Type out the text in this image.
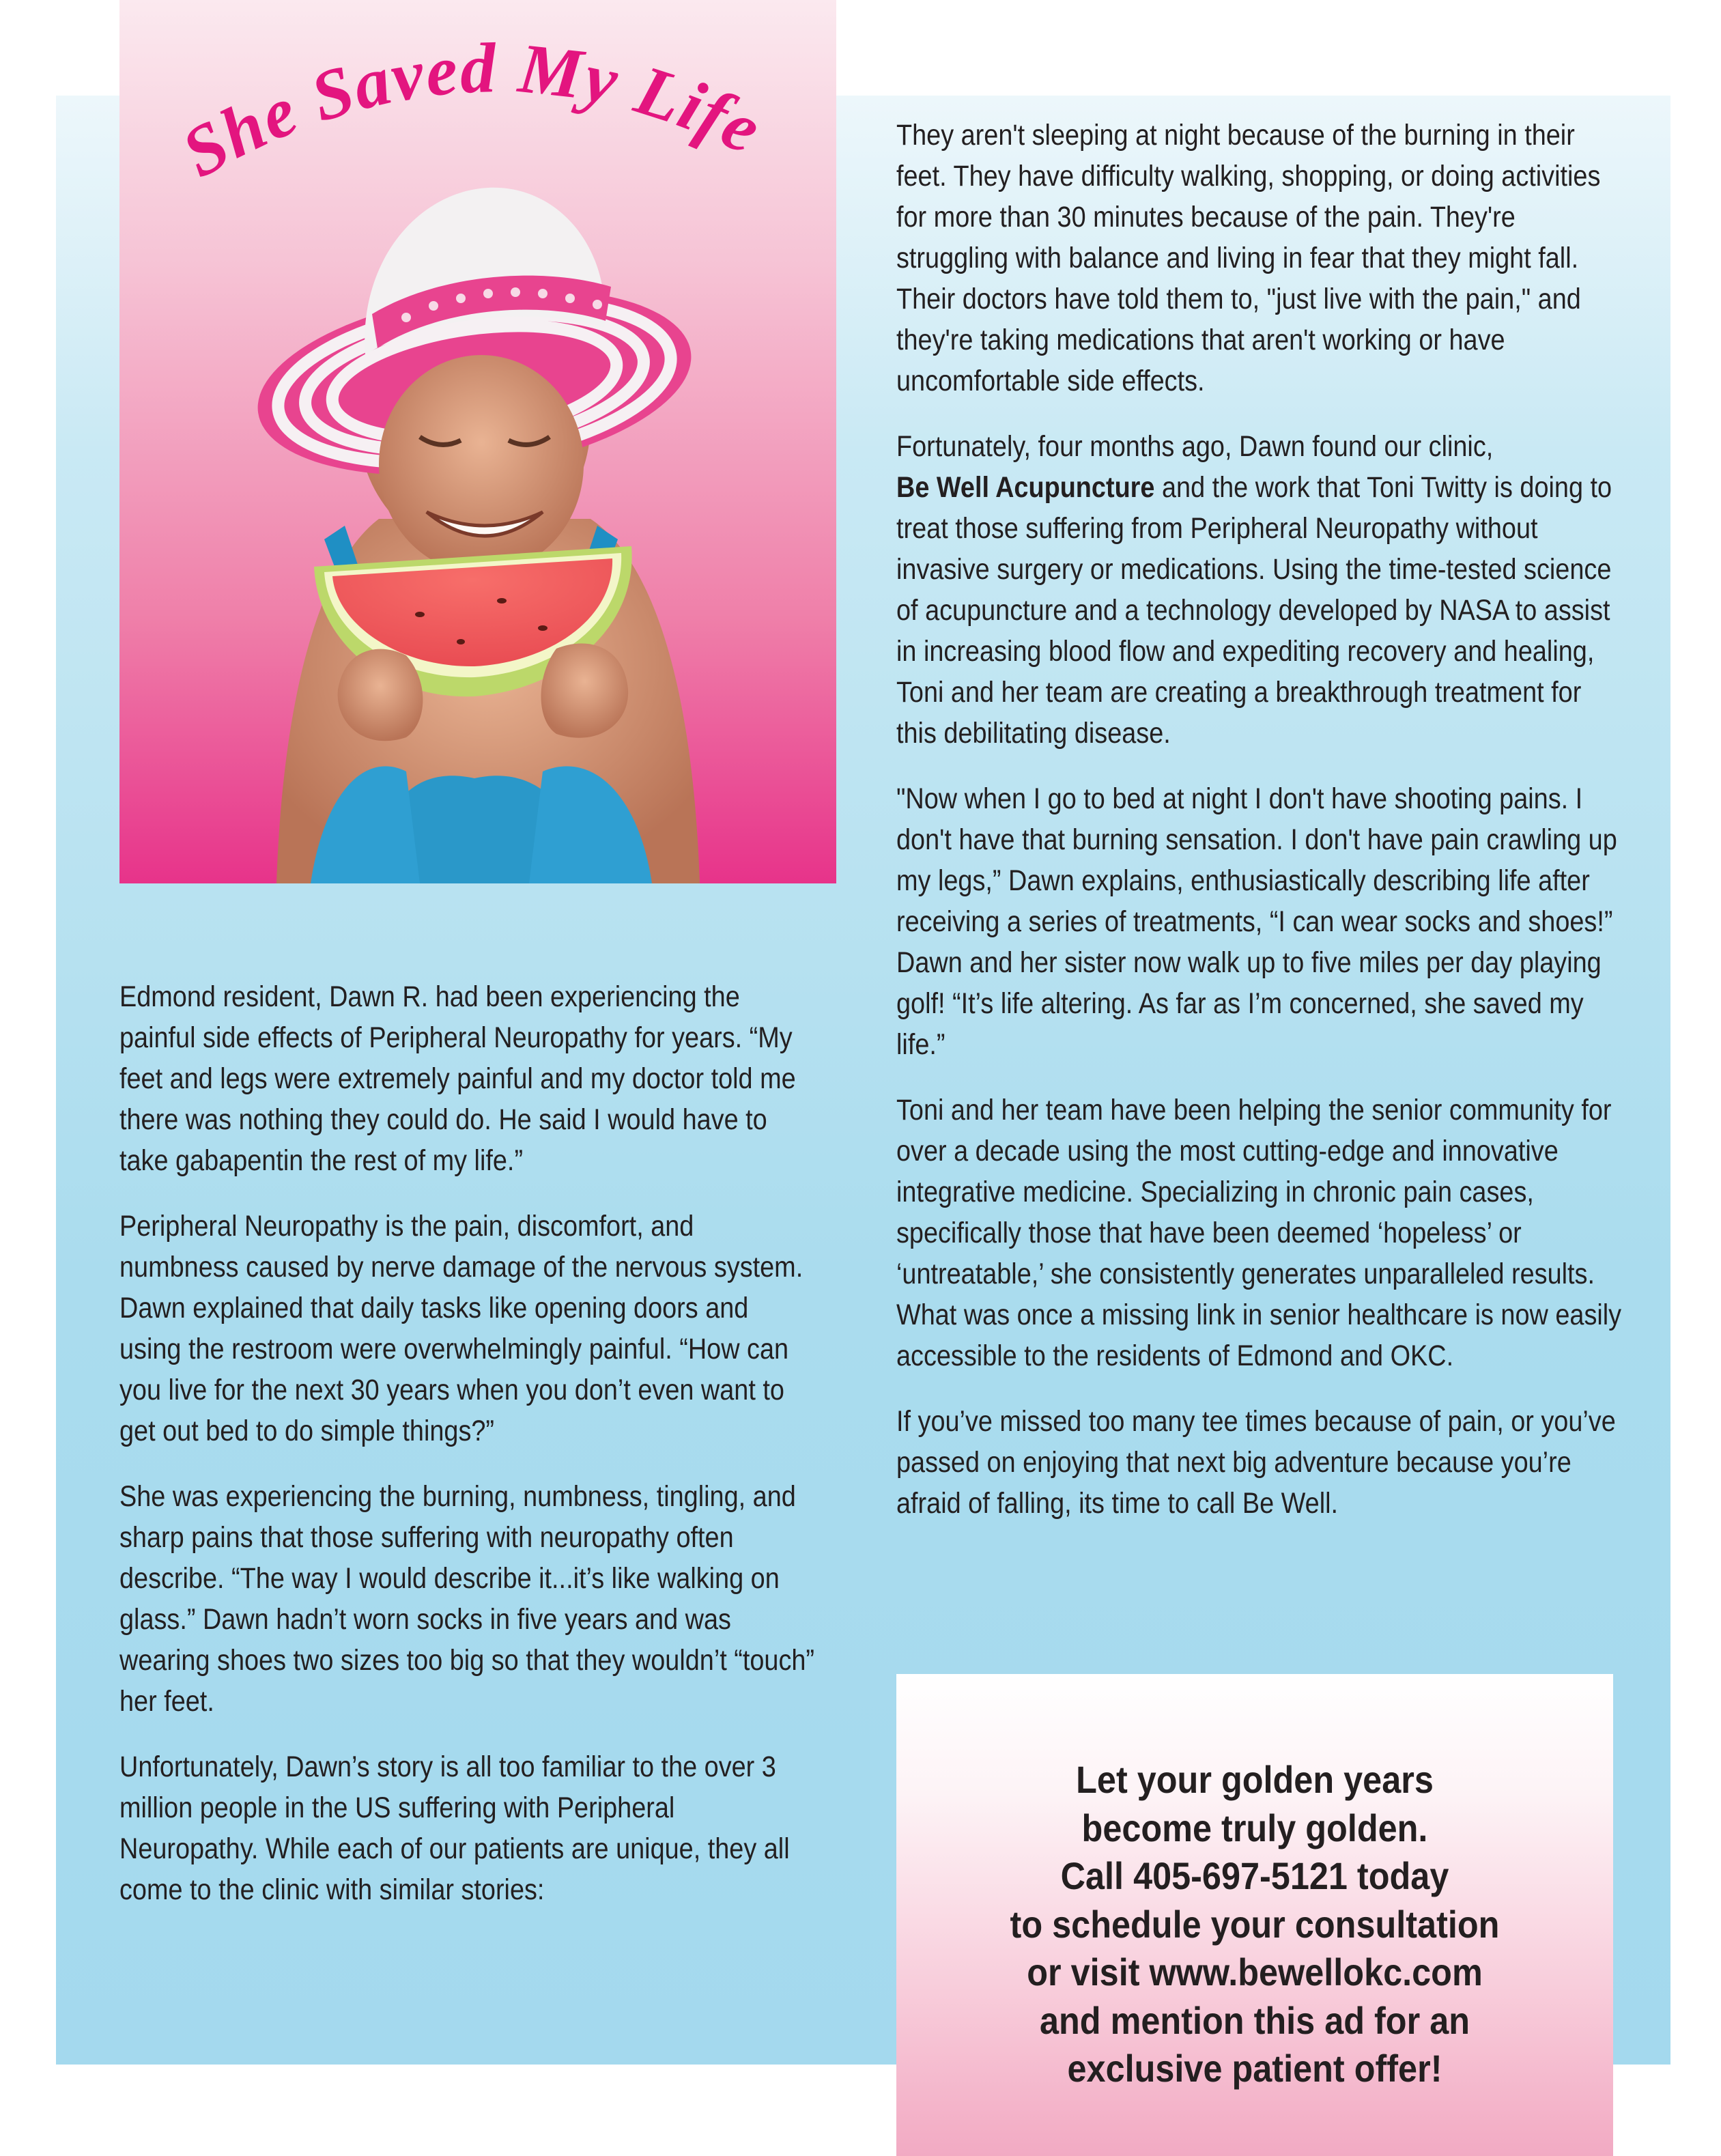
She Saved My Life

Edmond resident, Dawn R. had been experiencing the painful side effects of Peripheral Neuropathy for years. “My feet and legs were extremely painful and my doctor told me there was nothing they could do. He said I would have to take gabapentin the rest of my life.”

Peripheral Neuropathy is the pain, discomfort, and numbness caused by nerve damage of the nervous system. Dawn explained that daily tasks like opening doors and using the restroom were overwhelmingly painful. “How can you live for the next 30 years when you don’t even want to get out bed to do simple things?”

She was experiencing the burning, numbness, tingling, and sharp pains that those suffering with neuropathy often describe. “The way I would describe it...it’s like walking on glass.” Dawn hadn’t worn socks in five years and was wearing shoes two sizes too big so that they wouldn’t “touch” her feet.

Unfortunately, Dawn’s story is all too familiar to the over 3 million people in the US suffering with Peripheral Neuropathy. While each of our patients are unique, they all come to the clinic with similar stories:

They aren't sleeping at night because of the burning in their feet. They have difficulty walking, shopping, or doing activities for more than 30 minutes because of the pain. They're struggling with balance and living in fear that they might fall. Their doctors have told them to, "just live with the pain," and they're taking medications that aren't working or have uncomfortable side effects.

Fortunately, four months ago, Dawn found our clinic,
Be Well Acupuncture and the work that Toni Twitty is doing to treat those suffering from Peripheral Neuropathy without invasive surgery or medications. Using the time-tested science of acupuncture and a technology developed by NASA to assist in increasing blood flow and expediting recovery and healing, Toni and her team are creating a breakthrough treatment for this debilitating disease.

"Now when I go to bed at night I don't have shooting pains. I don't have that burning sensation. I don't have pain crawling up my legs,” Dawn explains, enthusiastically describing life after receiving a series of treatments, “I can wear socks and shoes!” Dawn and her sister now walk up to five miles per day playing golf! “It’s life altering. As far as I’m concerned, she saved my life.”

Toni and her team have been helping the senior community for over a decade using the most cutting-edge and innovative integrative medicine. Specializing in chronic pain cases, specifically those that have been deemed ‘hopeless’ or ‘untreatable,’ she consistently generates unparalleled results. What was once a missing link in senior healthcare is now easily accessible to the residents of Edmond and OKC.

If you’ve missed too many tee times because of pain, or you’ve passed on enjoying that next big adventure because you’re afraid of falling, its time to call Be Well.

Let your golden years
become truly golden.
Call 405-697-5121 today
to schedule your consultation
or visit www.bewellokc.com
and mention this ad for an
exclusive patient offer!
